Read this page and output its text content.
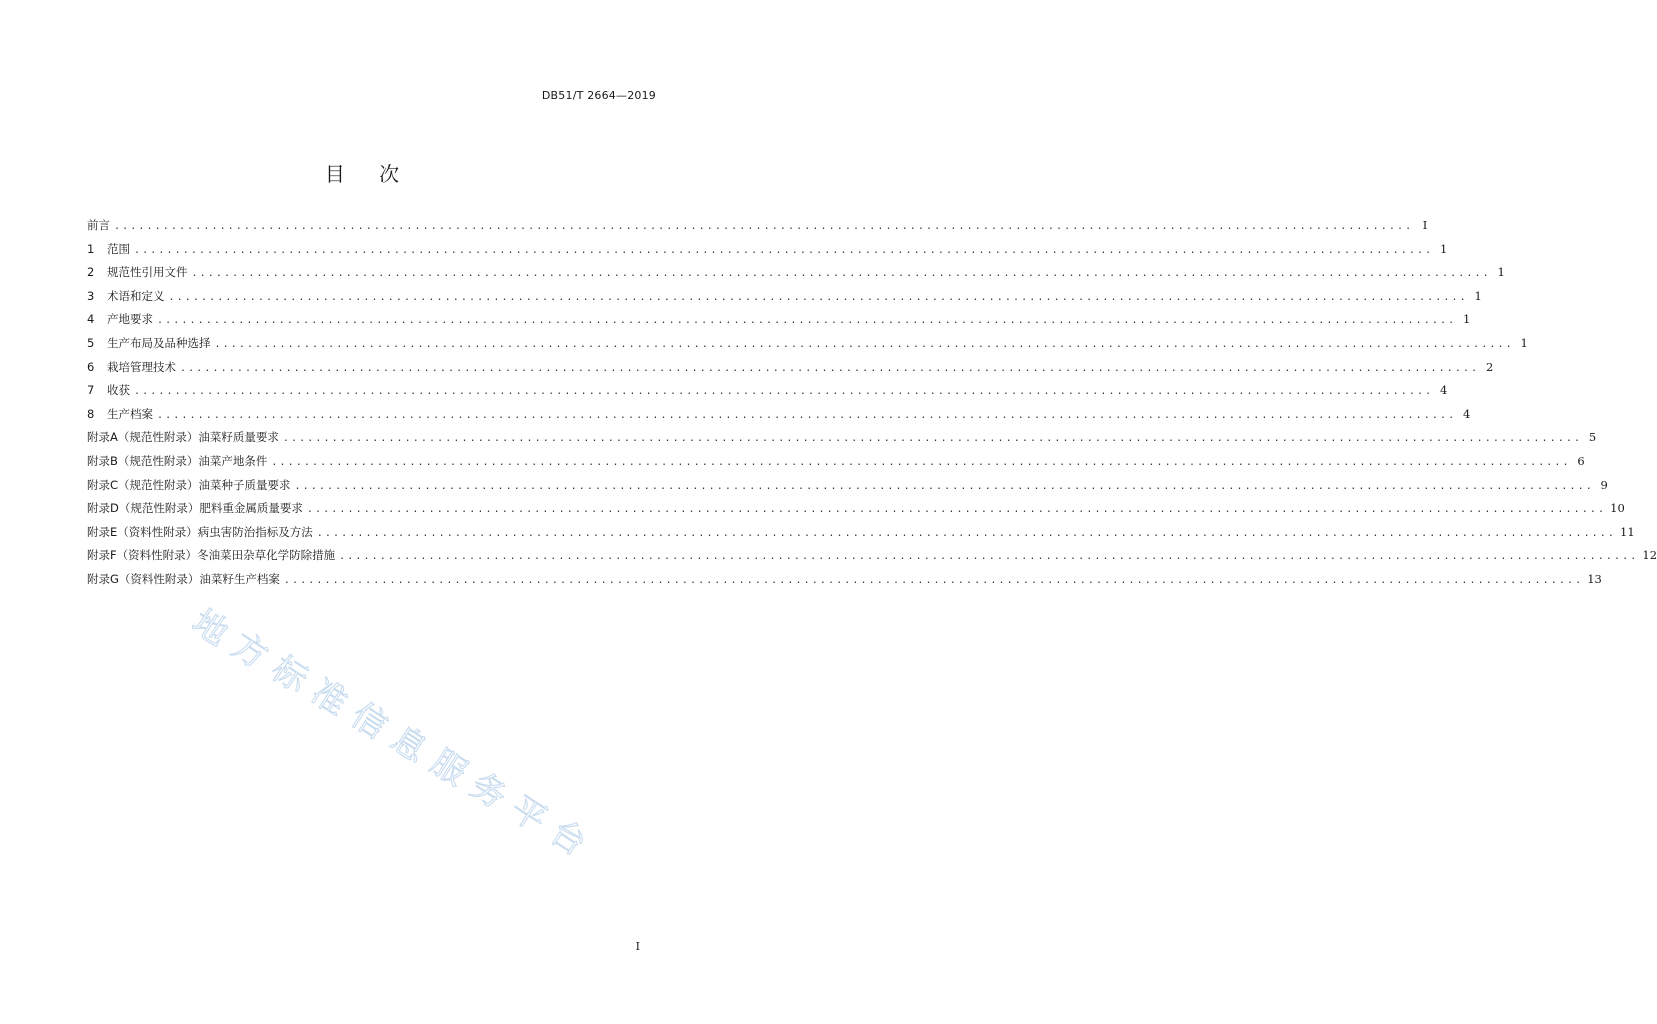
DB51/T 2664—2019
目 次
前言 ................................................................................................................................................................ I
1 范围 ................................................................................................................................................................ 1
2 规范性引用文件 ................................................................................................................................................................ 1
3 术语和定义 ................................................................................................................................................................ 1
4 产地要求 ................................................................................................................................................................ 1
5 生产布局及品种选择 ................................................................................................................................................................ 1
6 栽培管理技术 ................................................................................................................................................................ 2
7 收获 ................................................................................................................................................................ 4
8 生产档案 ................................................................................................................................................................ 4
附录A（规范性附录）油菜籽质量要求 ................................................................................................................................................................ 5
附录B（规范性附录）油菜产地条件 ................................................................................................................................................................ 6
附录C（规范性附录）油菜种子质量要求 ................................................................................................................................................................ 9
附录D（规范性附录）肥料重金属质量要求 ................................................................................................................................................................ 10
附录E（资料性附录）病虫害防治指标及方法 ................................................................................................................................................................ 11
附录F（资料性附录）冬油菜田杂草化学防除措施 ................................................................................................................................................................ 12
附录G（资料性附录）油菜籽生产档案 ................................................................................................................................................................ 13
地
方
标
准
信
息
服
务
平
台
I
